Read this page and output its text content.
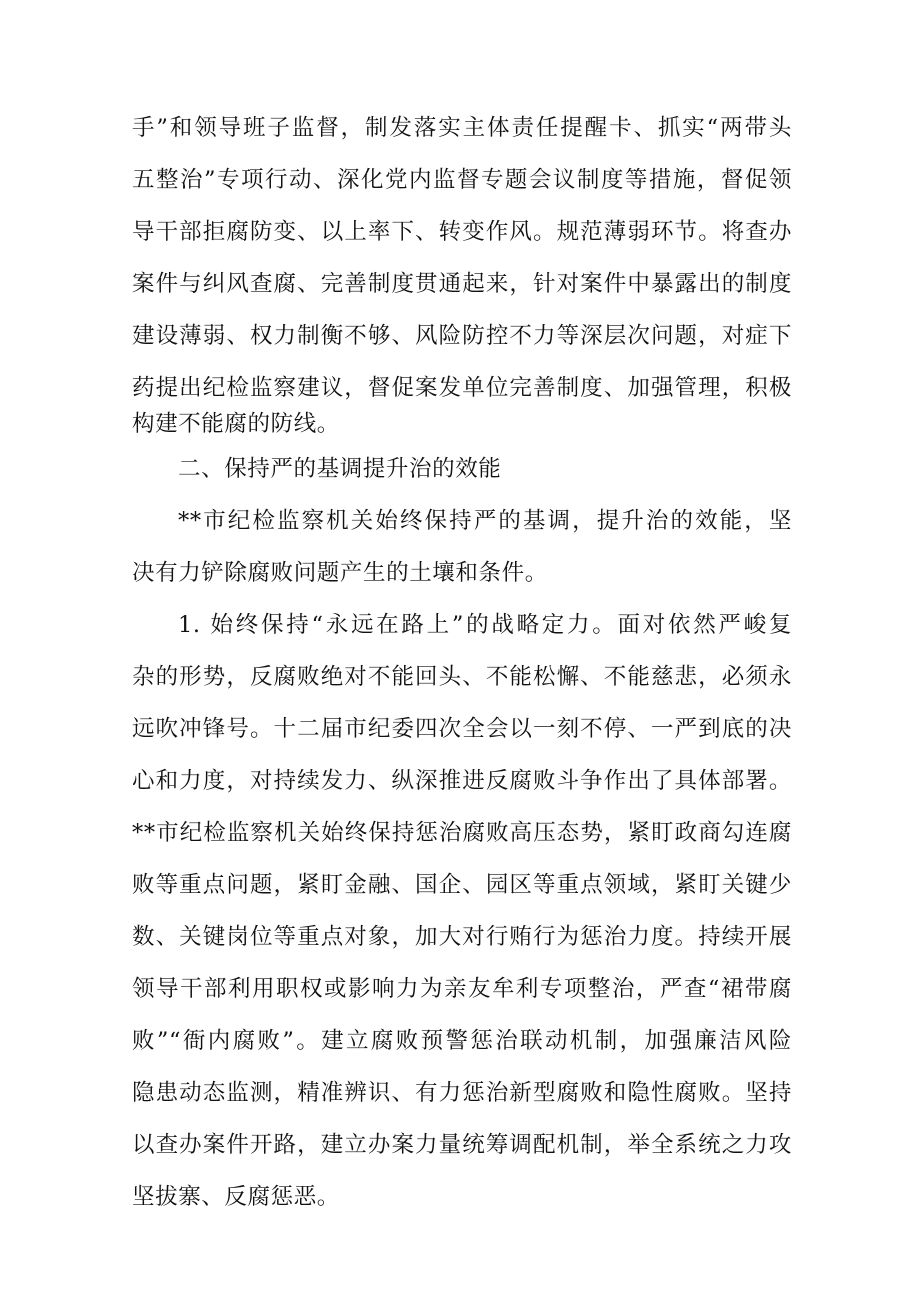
手”和领导班子监督，制发落实主体责任提醒卡、抓实“两带头
五整治”专项行动、深化党内监督专题会议制度等措施，督促领
导干部拒腐防变、以上率下、转变作风。规范薄弱环节。将查办
案件与纠风查腐、完善制度贯通起来，针对案件中暴露出的制度
建设薄弱、权力制衡不够、风险防控不力等深层次问题，对症下
药提出纪检监察建议，督促案发单位完善制度、加强管理，积极
构建不能腐的防线。
二、保持严的基调提升治的效能
**市纪检监察机关始终保持严的基调，提升治的效能，坚
决有力铲除腐败问题产生的土壤和条件。
1. 始终保持“永远在路上”的战略定力。面对依然严峻复
杂的形势，反腐败绝对不能回头、不能松懈、不能慈悲，必须永
远吹冲锋号。十二届市纪委四次全会以一刻不停、一严到底的决
心和力度，对持续发力、纵深推进反腐败斗争作出了具体部署。
**市纪检监察机关始终保持惩治腐败高压态势，紧盯政商勾连腐
败等重点问题，紧盯金融、国企、园区等重点领域，紧盯关键少
数、关键岗位等重点对象，加大对行贿行为惩治力度。持续开展
领导干部利用职权或影响力为亲友牟利专项整治，严查“裙带腐
败”“衙内腐败”。建立腐败预警惩治联动机制，加强廉洁风险
隐患动态监测，精准辨识、有力惩治新型腐败和隐性腐败。坚持
以查办案件开路，建立办案力量统筹调配机制，举全系统之力攻
坚拔寨、反腐惩恶。
